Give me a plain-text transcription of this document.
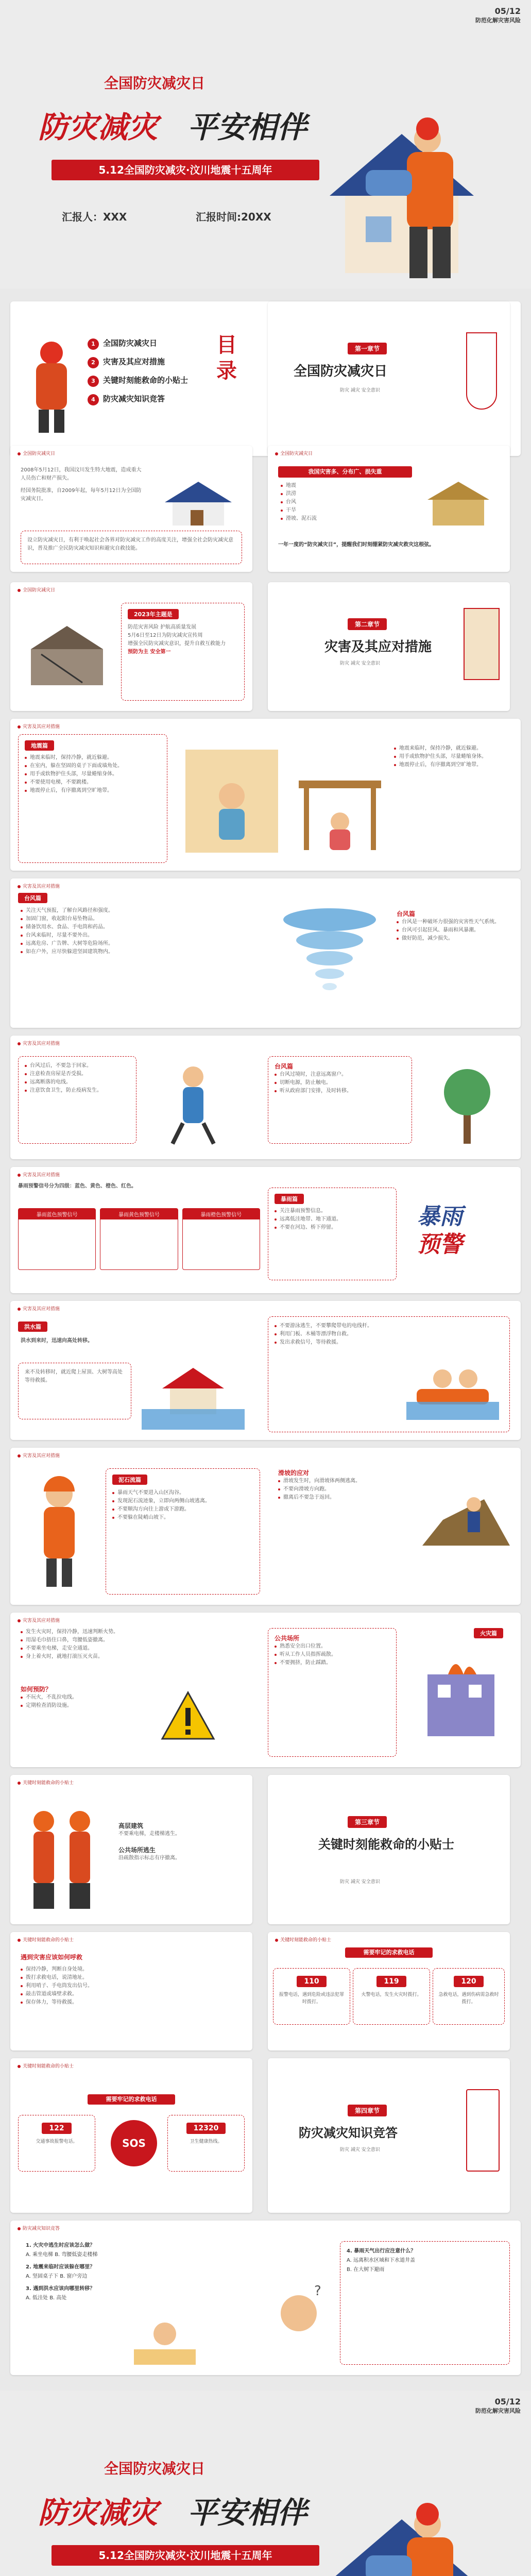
05/12
防范化解灾害风险
全国防灾减灾日
防灾减灾 平安相伴
5.12全国防灾减灾·汶川地震十五周年
汇报人：XXX	汇报时间:20XX
1 全国防灾减灾日
2 灾害及其应对措施
3 关键时刻能救命的小贴士
4 防灾减灾知识竞答
目
录
第一章节
全国防灾减灾日
防灾 减灾 安全意识
全国防灾减灾日
2008年5月12日，我国汶川发生特大地震，造成重大人员伤亡和财产损失。
经国务院批准，自2009年起，每年5月12日为全国防灾减灾日。
设立防灾减灾日，有利于唤起社会各界对防灾减灾工作的高度关注，增强全社会防灾减灾意识，普及推广全民防灾减灾知识和避灾自救技能。
全国防灾减灾日
我国灾害多、分布广、损失重
地震
洪涝
台风
干旱
滑坡、泥石流
一年一度的“防灾减灾日”，提醒我们时刻绷紧防灾减灾救灾这根弦。
全国防灾减灾日
2023年主题是
防范灾害风险 护航高质量发展
5月6日至12日为防灾减灾宣传周
增强全民防灾减灾意识，提升自救互救能力
预防为主 安全第一
第二章节
灾害及其应对措施
防灾 减灾 安全意识
灾害及其应对措施
地震篇
地震来临时，保持冷静，就近躲避。
在室内，躲在坚固的桌子下面或墙角处。
用手或软物护住头部，尽量蜷缩身体。
不要使用电梯，不要跳楼。
地震停止后，有序撤离到空旷地带。
地震来临时，保持冷静，就近躲避。
用手或软物护住头部，尽量蜷缩身体。
地震停止后，有序撤离到空旷地带。
灾害及其应对措施
台风篇
关注天气预报，了解台风路径和强度。
加固门窗，收起阳台易坠物品。
储备饮用水、食品、手电筒和药品。
台风来临时，尽量不要外出。
远离危房、广告牌、大树等危险场所。
如在户外，应尽快躲进坚固建筑物内。
台风篇
台风是一种破坏力很强的灾害性天气系统。
台风可引起狂风、暴雨和风暴潮。
做好防范，减少损失。
灾害及其应对措施
台风过后，不要急于回家。
注意检查房屋是否受损。
远离断落的电线。
注意饮食卫生，防止疫病发生。
台风篇
台风过境时，注意远离窗户。
切断电源，防止触电。
听从政府部门安排，及时转移。
灾害及其应对措施
暴雨预警信号分为四级：蓝色、黄色、橙色、红色。
暴雨蓝色预警信号	暴雨黄色预警信号	暴雨橙色预警信号
暴雨篇
关注暴雨预警信息。
远离低洼地带、地下通道。
不要在河边、桥下停留。	暴雨
预警
灾害及其应对措施
洪水篇
洪水到来时，迅速向高处转移。
来不及转移时，就近爬上屋顶、大树等高处等待救援。
不要游泳逃生，不要攀爬带电的电线杆。
利用门板、木桶等漂浮物自救。
发出求救信号，等待救援。
灾害及其应对措施
泥石流篇
暴雨天气不要进入山区沟谷。
发现泥石流迹象，立即向两侧山坡逃离。
不要顺沟方向往上游或下游跑。
不要躲在陡峭山坡下。
滑坡的应对
滑坡发生时，向滑坡体两侧逃离。
不要向滑坡方向跑。
撤离后不要急于返回。
灾害及其应对措施
发生火灾时，保持冷静，迅速判断火势。
用湿毛巾捂住口鼻，弯腰低姿撤离。
不要乘坐电梯，走安全通道。
身上着火时，就地打滚压灭火苗。
如何预防？
不玩火，不乱拉电线。
定期检查消防设施。
公共场所
熟悉安全出口位置。
听从工作人员指挥疏散。
不要拥挤，防止踩踏。
火灾篇
关键时刻能救命的小贴士
高层建筑
不要乘电梯，走楼梯逃生。
公共场所逃生
沿疏散指示标志有序撤离。
第三章节
关键时刻能救命的小贴士
防灾 减灾 安全意识
关键时刻能救命的小贴士
遇到灾害应该如何呼救
保持冷静，判断自身处境。
拨打求救电话，说清地址。
利用哨子、手电筒发出信号。
敲击管道或墙壁求救。
保存体力，等待救援。
关键时刻能救命的小贴士
需要牢记的求救电话
110
报警电话，遇到危险或违法犯罪时拨打。
119
火警电话，发生火灾时拨打。
120
急救电话，遇到伤病需急救时拨打。
关键时刻能救命的小贴士
需要牢记的求救电话
122
交通事故报警电话。	SOS
12320
卫生健康热线。
第四章节
防灾减灾知识竞答
防灾 减灾 安全意识
防灾减灾知识竞答
1. 火灾中逃生时应该怎么做？
A. 乘坐电梯 B. 弯腰低姿走楼梯
2. 地震来临时应该躲在哪里？
A. 坚固桌子下 B. 窗户旁边
3. 遇到洪水应该向哪里转移？
A. 低洼处 B. 高处	?
4. 暴雨天气出行应注意什么？
A. 远离积水区域和下水道井盖
B. 在大树下避雨
05/12
防范化解灾害风险
全国防灾减灾日
防灾减灾 平安相伴
5.12全国防灾减灾·汶川地震十五周年
